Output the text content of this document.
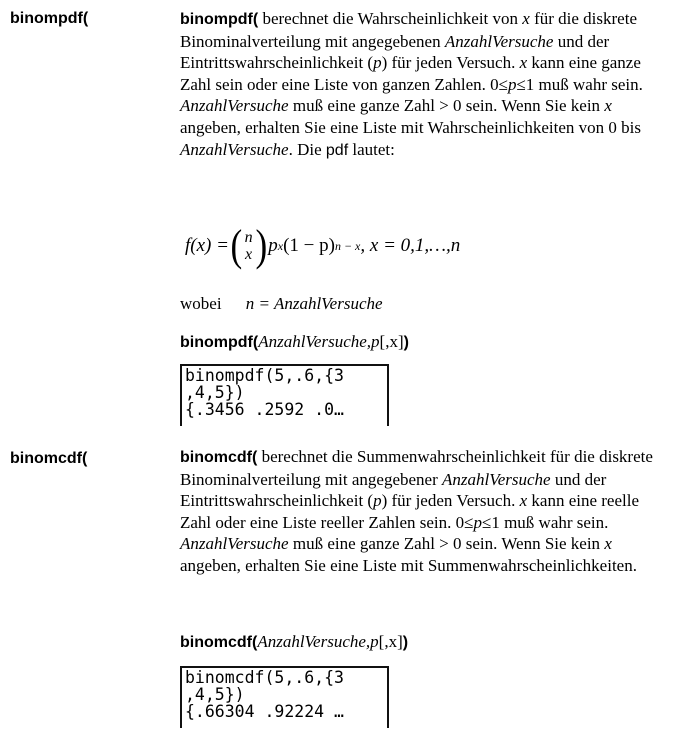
binompdf(	binompdf( berechnet die Wahrscheinlichkeit von x für die diskrete Binominalverteilung mit angegebenen AnzahlVersuche und der Eintrittswahrscheinlichkeit (p) für jeden Versuch. x kann eine ganze Zahl sein oder eine Liste von ganzen Zahlen. 0≤p≤1 muß wahr sein. AnzahlVersuche muß eine ganze Zahl > 0 sein. Wenn Sie kein x angeben, erhalten Sie eine Liste mit Wahrscheinlichkeiten von 0 bis AnzahlVersuche. Die pdf lautet:

f(x) = ( n
x ) p x (1 − p) n − x , x = 0,1,…,n
wobei n = AnzahlVersuche
binompdf(AnzahlVersuche,p[,x])
binompdf(5,.6,{3
,4,5})
{.3456 .2592 .0…
binomcdf(	binomcdf( berechnet die Summenwahrscheinlichkeit für die diskrete Binominalverteilung mit angegebener AnzahlVersuche und der Eintrittswahrscheinlichkeit (p) für jeden Versuch. x kann eine reelle Zahl oder eine Liste reeller Zahlen sein. 0≤p≤1 muß wahr sein. AnzahlVersuche muß eine ganze Zahl > 0 sein. Wenn Sie kein x angeben, erhalten Sie eine Liste mit Summenwahrscheinlichkeiten.

binomcdf(AnzahlVersuche,p[,x])
binomcdf(5,.6,{3
,4,5})
{.66304 .92224 …
